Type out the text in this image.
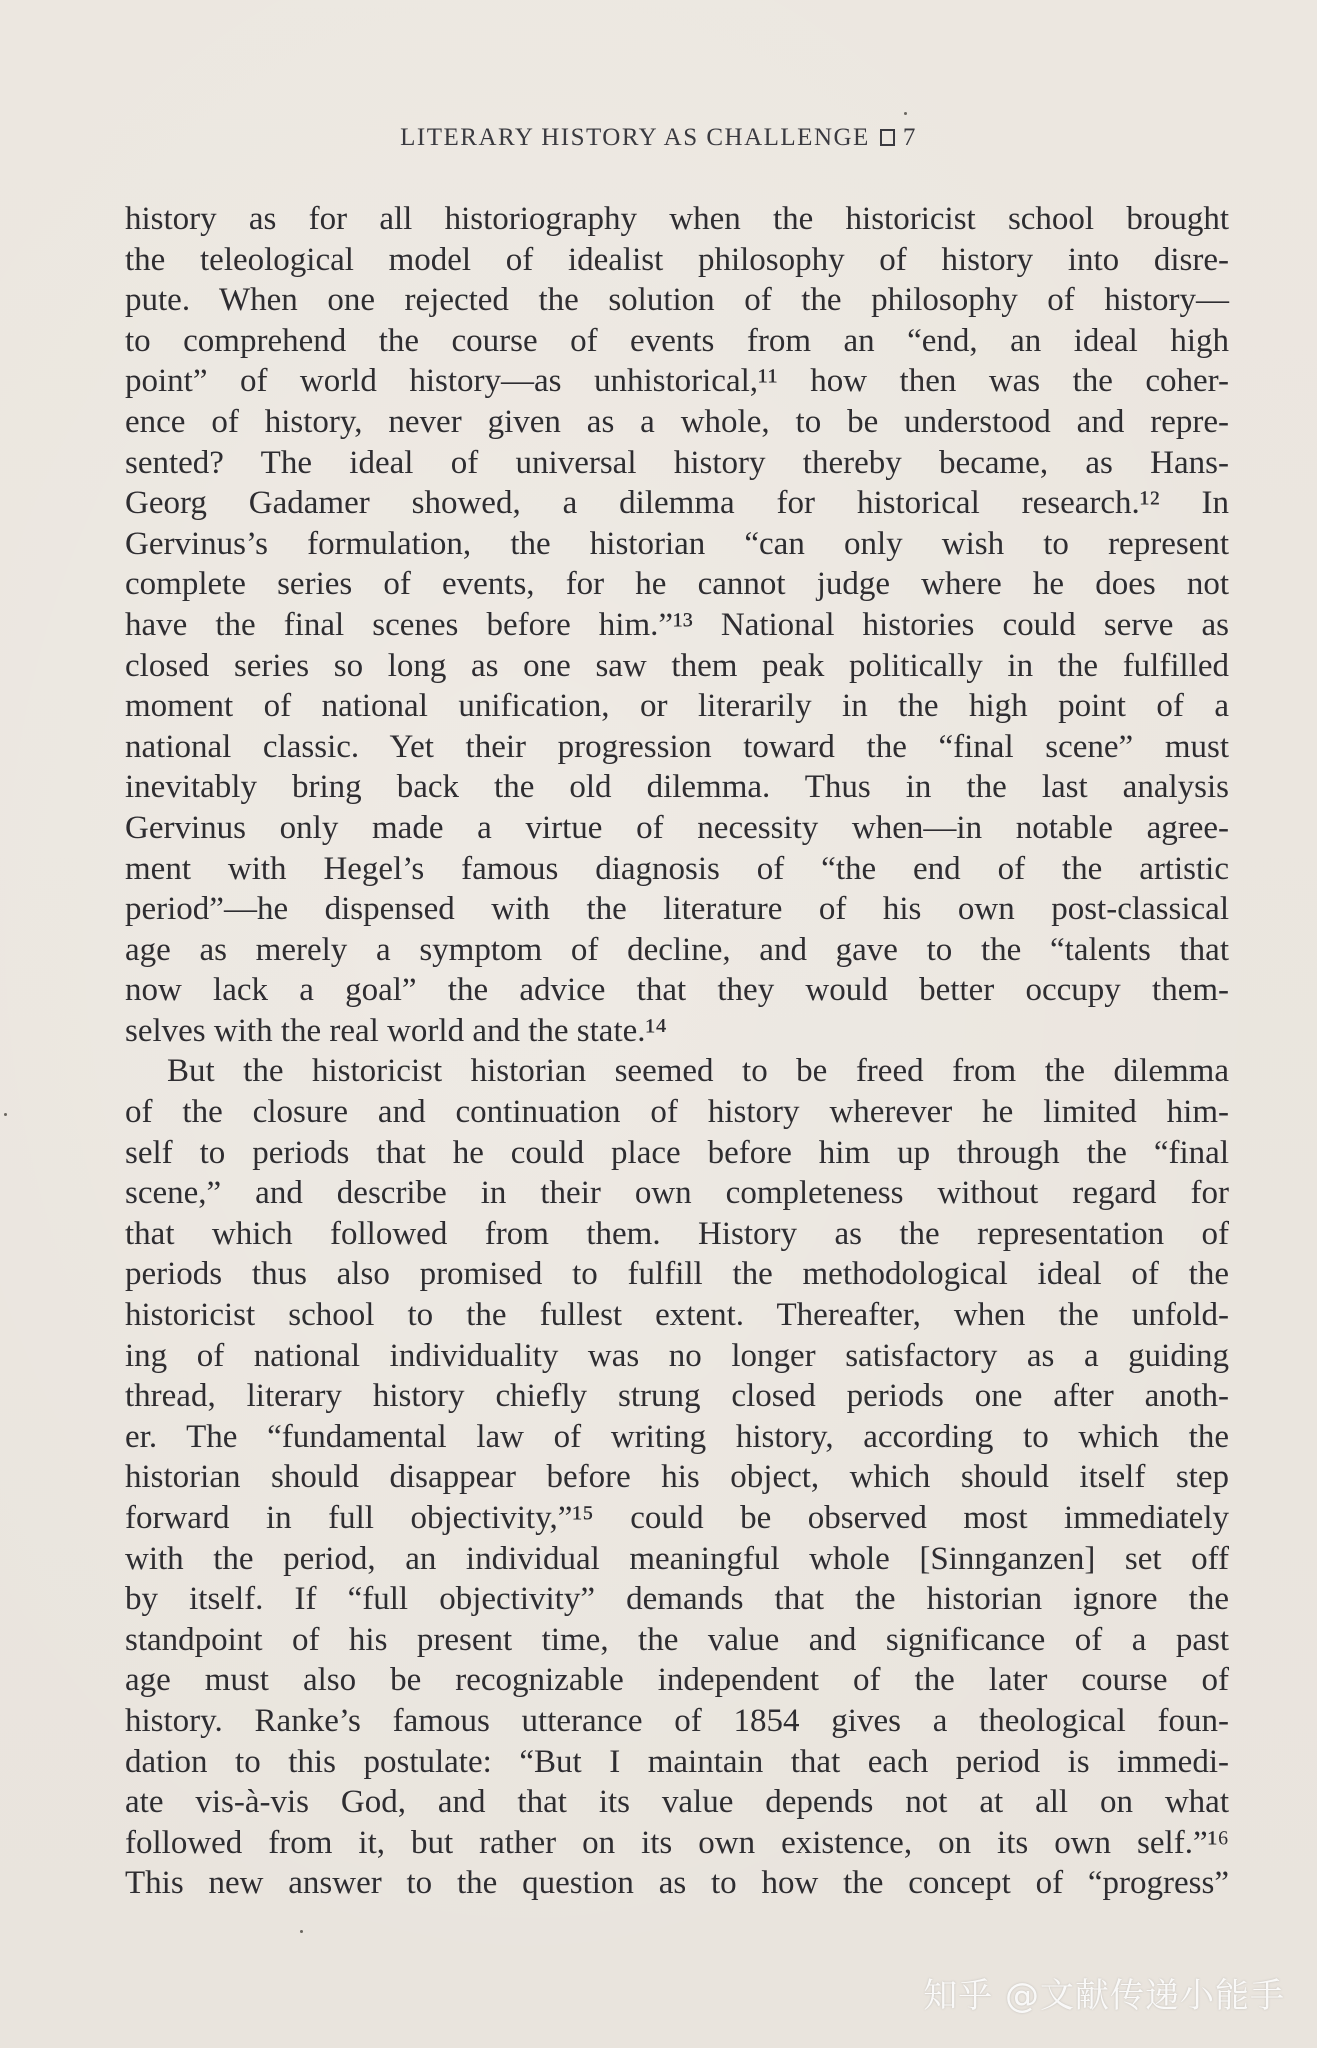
LITERARY HISTORY AS CHALLENGE 7
history as for all historiography when the historicist school brought
the teleological model of idealist philosophy of history into disre-
pute. When one rejected the solution of the philosophy of history—
to comprehend the course of events from an “end, an ideal high
point” of world history—as unhistorical,¹¹ how then was the coher-
ence of history, never given as a whole, to be understood and repre-
sented? The ideal of universal history thereby became, as Hans-
Georg Gadamer showed, a dilemma for historical research.¹² In
Gervinus’s formulation, the historian “can only wish to represent
complete series of events, for he cannot judge where he does not
have the final scenes before him.”¹³ National histories could serve as
closed series so long as one saw them peak politically in the fulfilled
moment of national unification, or literarily in the high point of a
national classic. Yet their progression toward the “final scene” must
inevitably bring back the old dilemma. Thus in the last analysis
Gervinus only made a virtue of necessity when—in notable agree-
ment with Hegel’s famous diagnosis of “the end of the artistic
period”—he dispensed with the literature of his own post-classical
age as merely a symptom of decline, and gave to the “talents that
now lack a goal” the advice that they would better occupy them-
selves with the real world and the state.¹⁴
But the historicist historian seemed to be freed from the dilemma
of the closure and continuation of history wherever he limited him-
self to periods that he could place before him up through the “final
scene,” and describe in their own completeness without regard for
that which followed from them. History as the representation of
periods thus also promised to fulfill the methodological ideal of the
historicist school to the fullest extent. Thereafter, when the unfold-
ing of national individuality was no longer satisfactory as a guiding
thread, literary history chiefly strung closed periods one after anoth-
er. The “fundamental law of writing history, according to which the
historian should disappear before his object, which should itself step
forward in full objectivity,”¹⁵ could be observed most immediately
with the period, an individual meaningful whole [Sinnganzen] set off
by itself. If “full objectivity” demands that the historian ignore the
standpoint of his present time, the value and significance of a past
age must also be recognizable independent of the later course of
history. Ranke’s famous utterance of 1854 gives a theological foun-
dation to this postulate: “But I maintain that each period is immedi-
ate vis-à-vis God, and that its value depends not at all on what
followed from it, but rather on its own existence, on its own self.”¹⁶
This new answer to the question as to how the concept of “progress”
知乎 @文献传递小能手
